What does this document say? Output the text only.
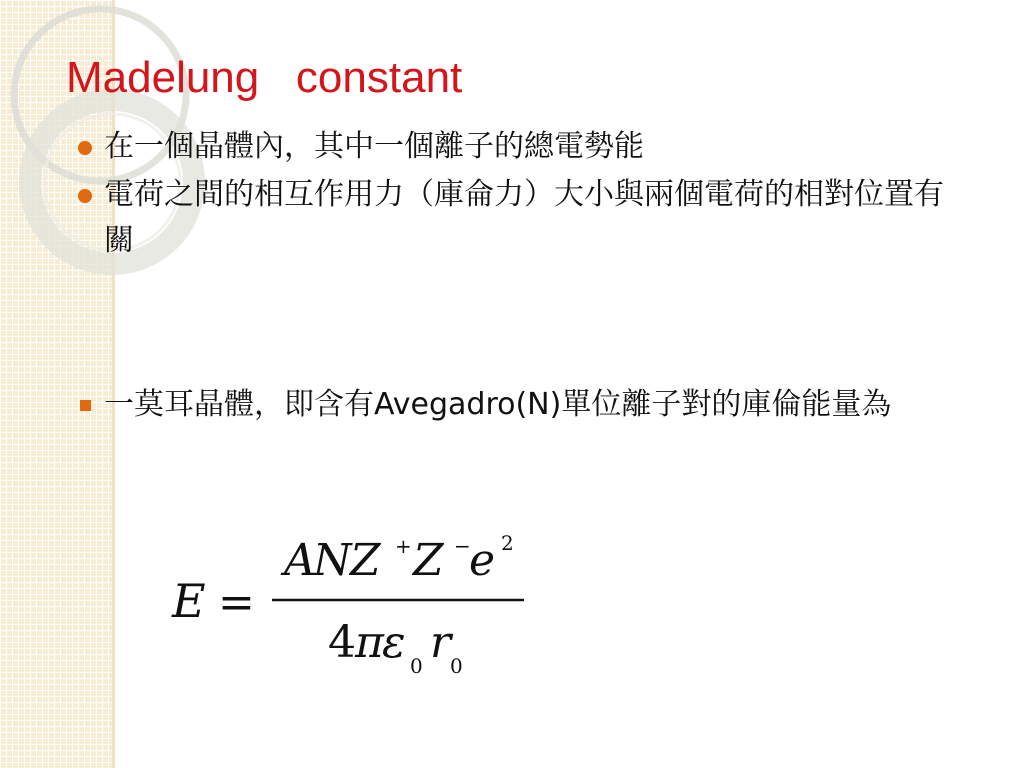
Madelung   constant
在一個晶體內，其中一個離子的總電勢能
電荷之間的相互作用力（庫侖力）大小與兩個電荷的相對位置有關
一莫耳晶體，即含有Avegadro(N)單位離子對的庫倫能量為
E =
A
N
Z + Z −
e 2
4 π
ε 0 r
0
